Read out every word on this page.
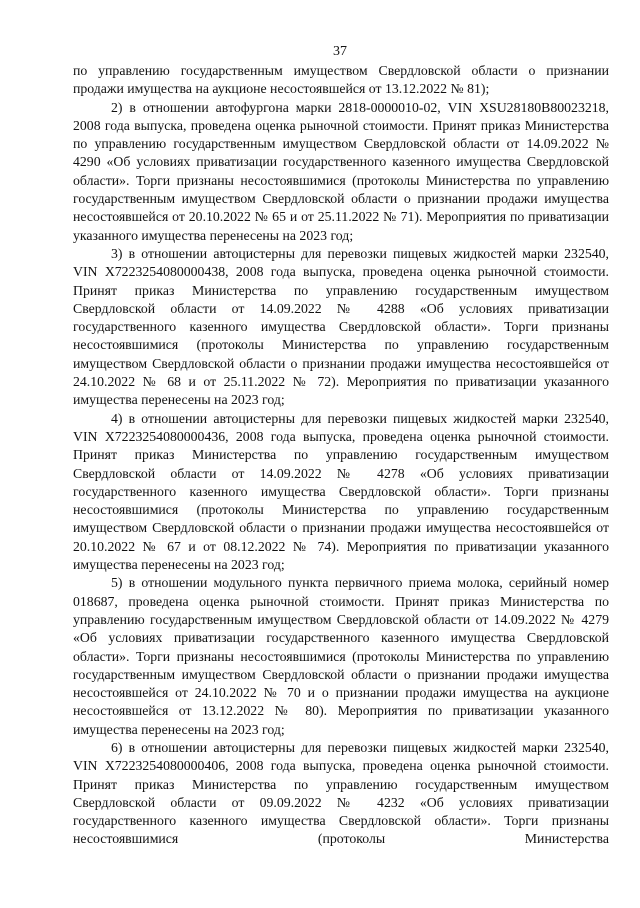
37

по управлению государственным имуществом Свердловской области о признании продажи имущества на аукционе несостоявшейся от 13.12.2022 № 81);

2) в отношении автофургона марки 2818-0000010-02, VIN XSU28180B80023218, 2008 года выпуска, проведена оценка рыночной стоимости. Принят приказ Министерства по управлению государственным имуществом Свердловской области от 14.09.2022 № 4290 «Об условиях приватизации государственного казенного имущества Свердловской области». Торги признаны несостоявшимися (протоколы Министерства по управлению государственным имуществом Свердловской области о признании продажи имущества несостоявшейся от 20.10.2022 № 65 и от 25.11.2022 № 71). Мероприятия по приватизации указанного имущества перенесены на 2023 год;

3) в отношении автоцистерны для перевозки пищевых жидкостей марки 232540, VIN X7223254080000438, 2008 года выпуска, проведена оценка рыночной стоимости. Принят приказ Министерства по управлению государственным имуществом Свердловской области от 14.09.2022 № 4288 «Об условиях приватизации государственного казенного имущества Свердловской области». Торги признаны несостоявшимися (протоколы Министерства по управлению государственным имуществом Свердловской области о признании продажи имущества несостоявшейся от 24.10.2022 № 68 и от 25.11.2022 № 72). Мероприятия по приватизации указанного имущества перенесены на 2023 год;

4) в отношении автоцистерны для перевозки пищевых жидкостей марки 232540, VIN X7223254080000436, 2008 года выпуска, проведена оценка рыночной стоимости. Принят приказ Министерства по управлению государственным имуществом Свердловской области от 14.09.2022 № 4278 «Об условиях приватизации государственного казенного имущества Свердловской области». Торги признаны несостоявшимися (протоколы Министерства по управлению государственным имуществом Свердловской области о признании продажи имущества несостоявшейся от 20.10.2022 № 67 и от 08.12.2022 № 74). Мероприятия по приватизации указанного имущества перенесены на 2023 год;

5) в отношении модульного пункта первичного приема молока, серийный номер 018687, проведена оценка рыночной стоимости. Принят приказ Министерства по управлению государственным имуществом Свердловской области от 14.09.2022 № 4279 «Об условиях приватизации государственного казенного имущества Свердловской области». Торги признаны несостоявшимися (протоколы Министерства по управлению государственным имуществом Свердловской области о признании продажи имущества несостоявшейся от 24.10.2022 № 70 и о признании продажи имущества на аукционе несостоявшейся от 13.12.2022 № 80). Мероприятия по приватизации указанного имущества перенесены на 2023 год;

6) в отношении автоцистерны для перевозки пищевых жидкостей марки 232540, VIN X7223254080000406, 2008 года выпуска, проведена оценка рыночной стоимости. Принят приказ Министерства по управлению государственным имуществом Свердловской области от 09.09.2022 № 4232 «Об условиях приватизации государственного казенного имущества Свердловской области». Торги признаны несостоявшимися (протоколы Министерства
